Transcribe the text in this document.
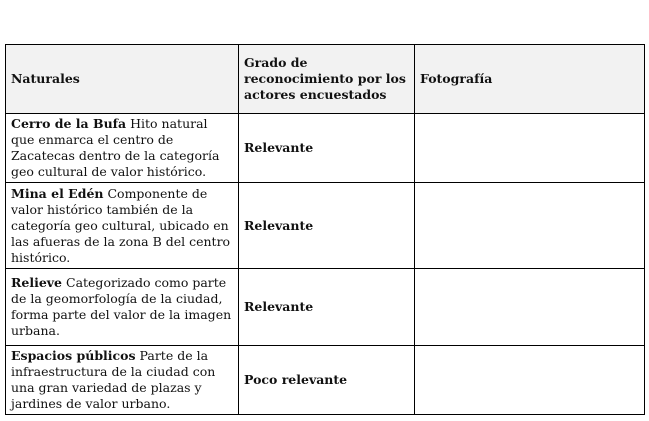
Naturales	Grado de reconocimiento por los actores encuestados	Fotografía
Cerro de la Bufa Hito natural que enmarca el centro de Zacatecas dentro de la categoría geo cultural de valor histórico.	Relevante	
Mina el Edén Componente de valor histórico también de la categoría geo cultural, ubicado en las afueras de la zona B del centro histórico.	Relevante	
Relieve Categorizado como parte de la geomorfología de la ciudad, forma parte del valor de la imagen urbana.	Relevante	
Espacios públicos Parte de la infraestructura de la ciudad con una gran variedad de plazas y jardines de valor urbano.	Poco relevante	
